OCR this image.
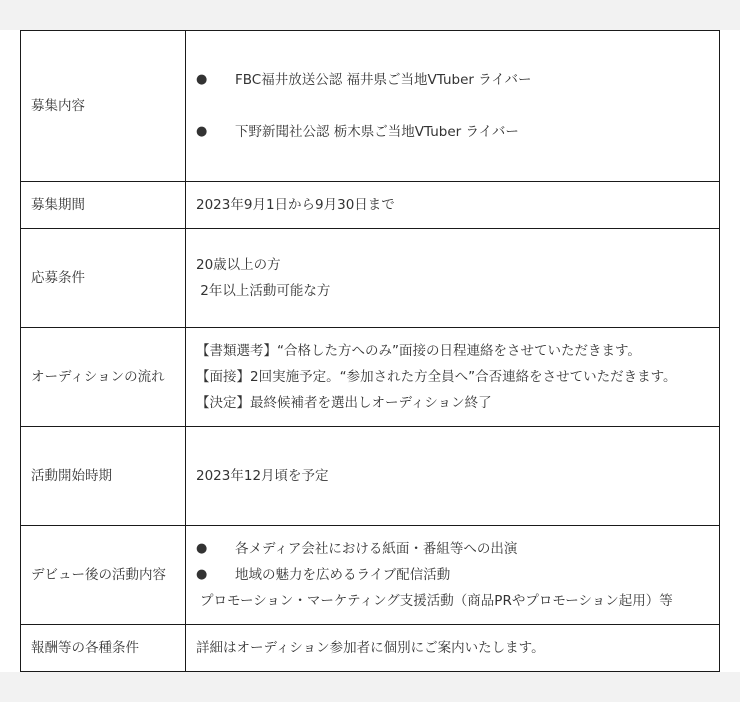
募集内容	● FBC福井放送公認 福井県ご当地VTuber ライバー
● 下野新聞社公認 栃木県ご当地VTuber ライバー

募集期間	2023年9月1日から9月30日まで

応募条件	20歳以上の方
2年以上活動可能な方

オーディションの流れ	【書類選考】“合格した方へのみ”面接の日程連絡をさせていただきます。
【面接】2回実施予定。“参加された方全員へ”合否連絡をさせていただきます。
【決定】最終候補者を選出しオーディション終了

活動開始時期	2023年12月頃を予定

デビュー後の活動内容	● 各メディア会社における紙面・番組等への出演
● 地域の魅力を広めるライブ配信活動
プロモーション・マーケティング支援活動（商品PRやプロモーション起用）等

報酬等の各種条件	詳細はオーディション参加者に個別にご案内いたします。
